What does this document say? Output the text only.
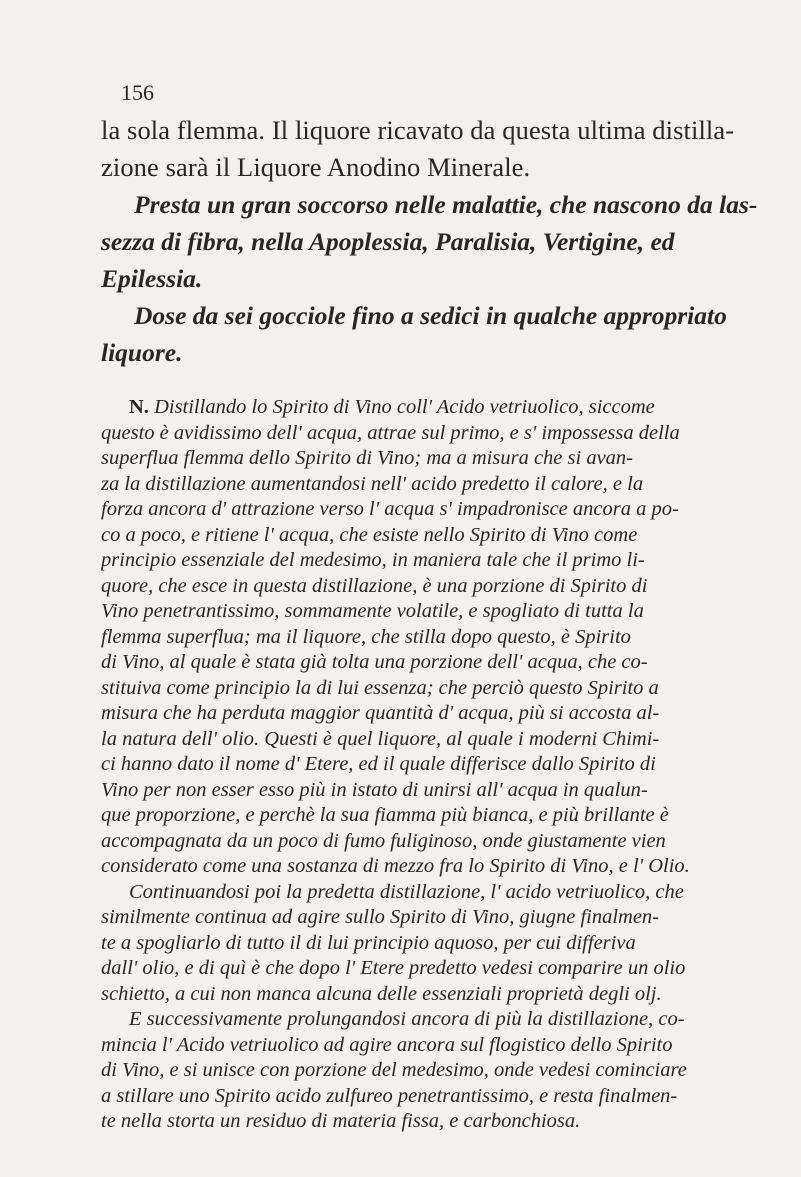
156

la sola flemma. Il liquore ricavato da questa ultima distilla-

zione sarà il Liquore Anodino Minerale.

Presta un gran soccorso nelle malattie, che nascono da las-

sezza di fibra, nella Apoplessia, Paralisia, Vertigine, ed

Epilessia.

Dose da sei gocciole fino a sedici in qualche appropriato

liquore.

N. Distillando lo Spirito di Vino coll' Acido vetriuolico, siccome

questo è avidissimo dell' acqua, attrae sul primo, e s' impossessa della

superflua flemma dello Spirito di Vino; ma a misura che si avan-

za la distillazione aumentandosi nell' acido predetto il calore, e la

forza ancora d' attrazione verso l' acqua s' impadronisce ancora a po-

co a poco, e ritiene l' acqua, che esiste nello Spirito di Vino come

principio essenziale del medesimo, in maniera tale che il primo li-

quore, che esce in questa distillazione, è una porzione di Spirito di

Vino penetrantissimo, sommamente volatile, e spogliato di tutta la

flemma superflua; ma il liquore, che stilla dopo questo, è Spirito

di Vino, al quale è stata già tolta una porzione dell' acqua, che co-

stituiva come principio la di lui essenza; che perciò questo Spirito a

misura che ha perduta maggior quantità d' acqua, più si accosta al-

la natura dell' olio. Questi è quel liquore, al quale i moderni Chimi-

ci hanno dato il nome d' Etere, ed il quale differisce dallo Spirito di

Vino per non esser esso più in istato di unirsi all' acqua in qualun-

que proporzione, e perchè la sua fiamma più bianca, e più brillante è

accompagnata da un poco di fumo fuliginoso, onde giustamente vien

considerato come una sostanza di mezzo fra lo Spirito di Vino, e l' Olio.

Continuandosi poi la predetta distillazione, l' acido vetriuolico, che

similmente continua ad agire sullo Spirito di Vino, giugne finalmen-

te a spogliarlo di tutto il di lui principio aquoso, per cui differiva

dall' olio, e di quì è che dopo l' Etere predetto vedesi comparire un olio

schietto, a cui non manca alcuna delle essenziali proprietà degli olj.

E successivamente prolungandosi ancora di più la distillazione, co-

mincia l' Acido vetriuolico ad agire ancora sul flogistico dello Spirito

di Vino, e si unisce con porzione del medesimo, onde vedesi cominciare

a stillare uno Spirito acido zulfureo penetrantissimo, e resta finalmen-

te nella storta un residuo di materia fissa, e carbonchiosa.
